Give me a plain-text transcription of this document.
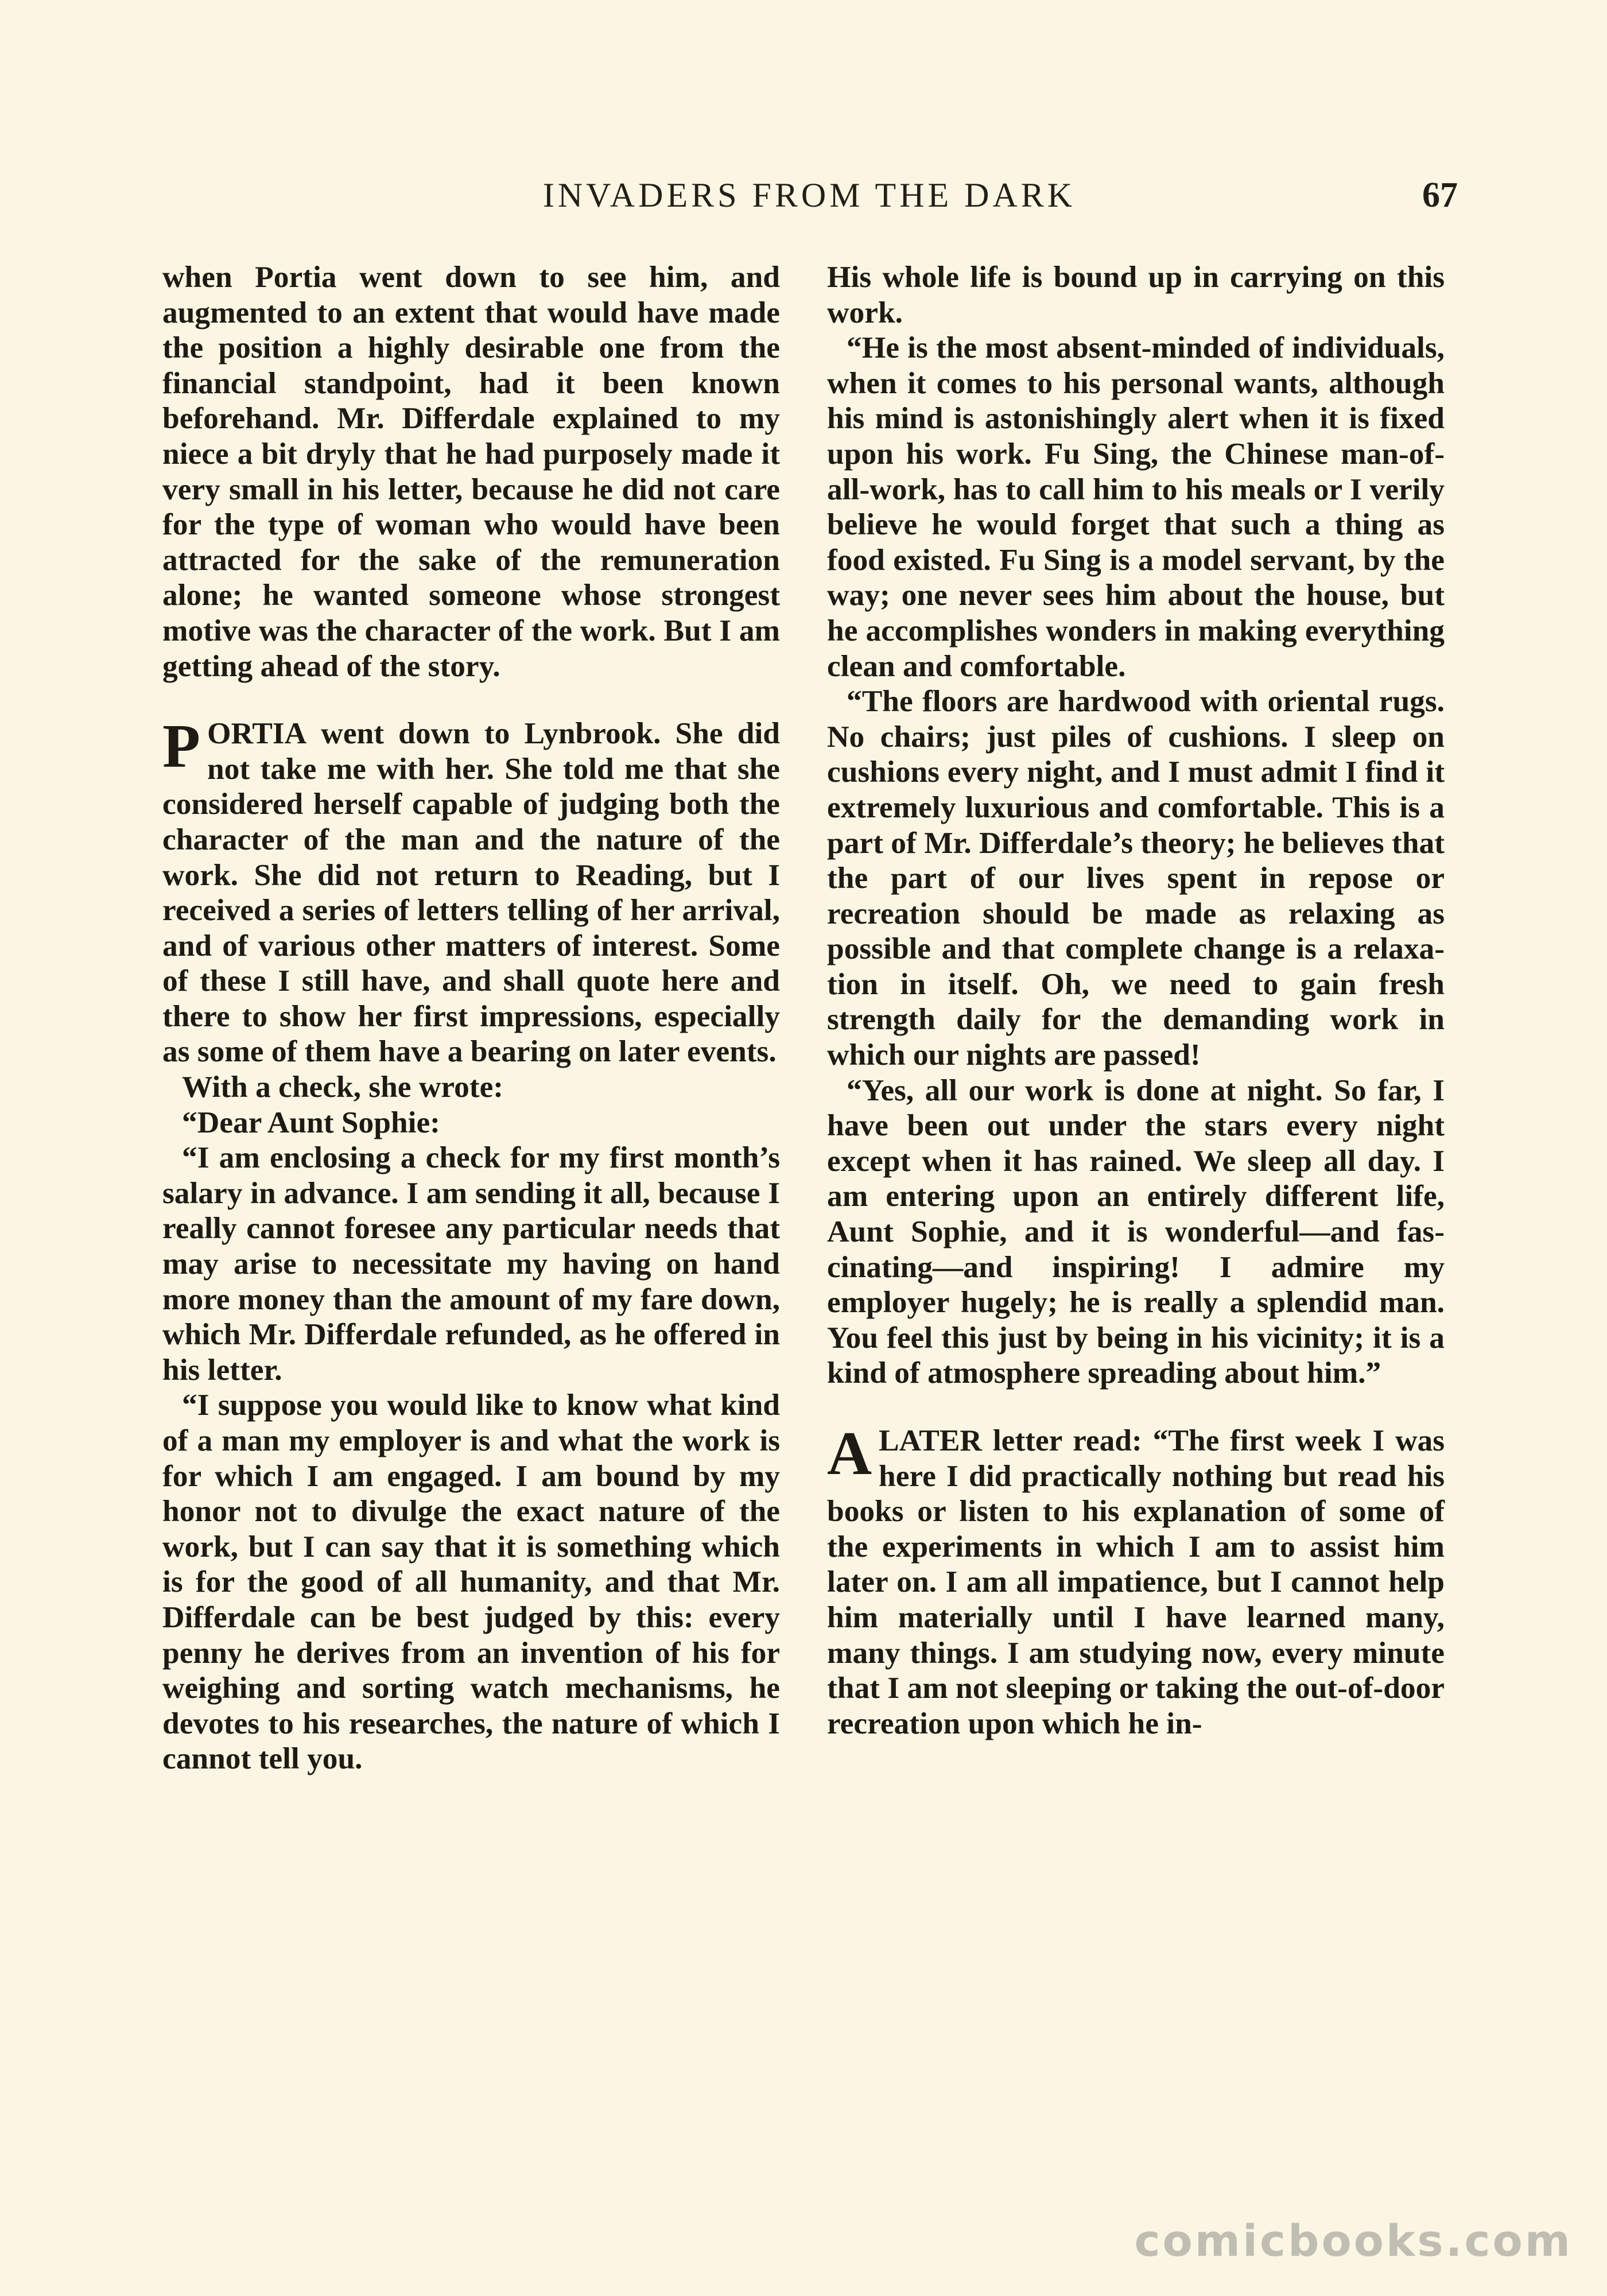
INVADERS FROM THE DARK	67

when Portia went down to see him, and augmented to an extent that would have made the position a highly desirable one from the financial standpoint, had it been known beforehand. Mr. Differdale explained to my niece a bit dryly that he had purposely made it very small in his letter, because he did not care for the type of woman who would have been attracted for the sake of the remuneration alone; he wanted someone whose strongest motive was the character of the work. But I am getting ahead of the story.

PORTIA went down to Lynbrook. She did not take me with her. She told me that she considered herself capable of judging both the character of the man and the nature of the work. She did not return to Reading, but I received a series of letters telling of her arrival, and of various other matters of interest. Some of these I still have, and shall quote here and there to show her first impressions, especially as some of them have a bearing on later events.

With a check, she wrote:

“Dear Aunt Sophie:

“I am enclosing a check for my first month’s salary in advance. I am sending it all, because I really cannot foresee any particular needs that may arise to necessitate my having on hand more money than the amount of my fare down, which Mr. Differdale refunded, as he offered in his letter.

“I suppose you would like to know what kind of a man my employer is and what the work is for which I am engaged. I am bound by my honor not to divulge the exact nature of the work, but I can say that it is something which is for the good of all humanity, and that Mr. Differdale can be best judged by this: every penny he derives from an invention of his for weighing and sorting watch mechanisms, he devotes to his researches, the nature of which I cannot tell you.

His whole life is bound up in carrying on this work.

“He is the most absent-minded of individuals, when it comes to his personal wants, although his mind is astonishingly alert when it is fixed upon his work. Fu Sing, the Chinese man-of-all-work, has to call him to his meals or I verily believe he would forget that such a thing as food existed. Fu Sing is a model servant, by the way; one never sees him about the house, but he accomplishes wonders in making everything clean and comfortable.

“The floors are hardwood with oriental rugs. No chairs; just piles of cushions. I sleep on cushions every night, and I must admit I find it extremely luxurious and comfortable. This is a part of Mr. Differdale’s theory; he believes that the part of our lives spent in repose or recreation should be made as relaxing as possible and that complete change is a relaxation in itself. Oh, we need to gain fresh strength daily for the demanding work in which our nights are passed!

“Yes, all our work is done at night. So far, I have been out under the stars every night except when it has rained. We sleep all day. I am entering upon an entirely different life, Aunt Sophie, and it is wonderful—and fascinating—and inspiring! I admire my employer hugely; he is really a splendid man. You feel this just by being in his vicinity; it is a kind of atmosphere spreading about him.”

ALATER letter read: “The first week I was here I did practically nothing but read his books or listen to his explanation of some of the experiments in which I am to assist him later on. I am all impatience, but I cannot help him materially until I have learned many, many things. I am studying now, every minute that I am not sleeping or taking the out-of-door recreation upon which he in-

comicbooks.com
